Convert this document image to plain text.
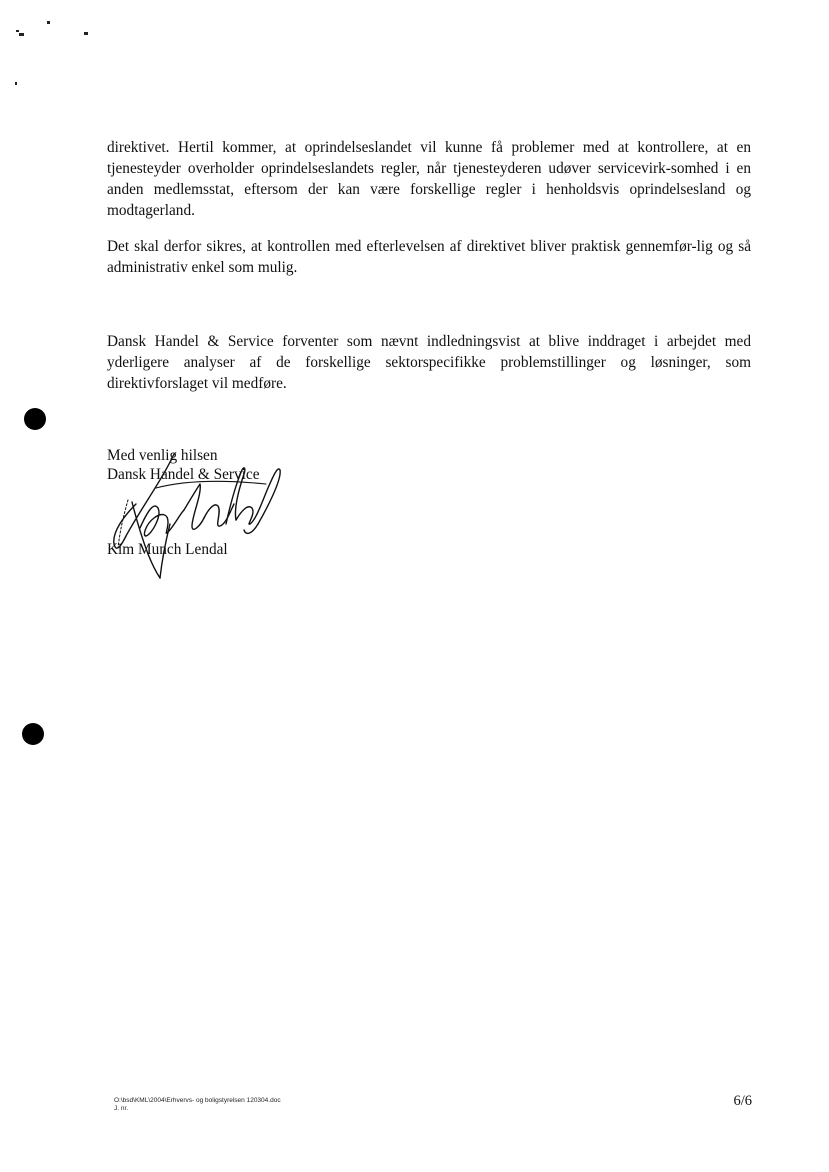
direktivet. Hertil kommer, at oprindelseslandet vil kunne få problemer med at kontrollere, at en tjenesteyder overholder oprindelseslandets regler, når tjenesteyderen udøver servicevirk-somhed i en anden medlemsstat, eftersom der kan være forskellige regler i henholdsvis oprindelsesland og modtagerland.

Det skal derfor sikres, at kontrollen med efterlevelsen af direktivet bliver praktisk gennemfør-lig og så administrativ enkel som mulig.

Dansk Handel & Service forventer som nævnt indledningsvist at blive inddraget i arbejdet med yderligere analyser af de forskellige sektorspecifikke problemstillinger og løsninger, som direktivforslaget vil medføre.

Med venlig hilsen
Dansk Handel & Service
Kim Munch Lendal
O:\bsd\KML\2004\Erhvervs- og boligstyrelsen 120304.doc
J. nr.	6/6
